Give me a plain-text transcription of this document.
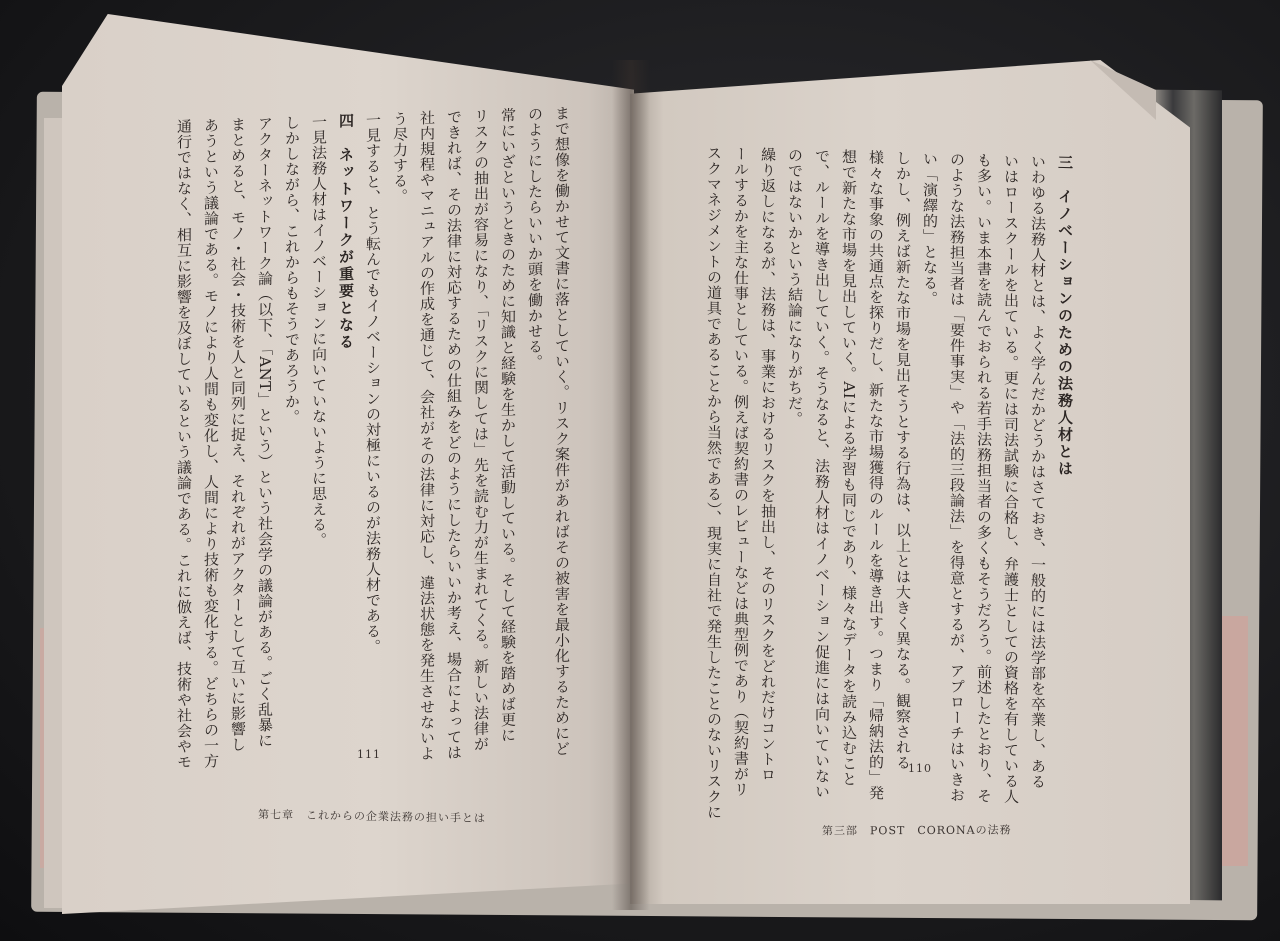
まで想像を働かせて文書に落としていく。リスク案件があればその被害を最小化するためにど
のようにしたらいいか頭を働かせる。
常にいざというときのために知識と経験を生かして活動している。そして経験を踏めば更に
リスクの抽出が容易になり、「リスクに関しては」先を読む力が生まれてくる。新しい法律が
できれば、その法律に対応するための仕組みをどのようにしたらいいか考え、場合によっては
社内規程やマニュアルの作成を通じて、会社がその法律に対応し、違法状態を発生させないよ
う尽力する。
一見すると、とう転んでもイノベーションの対極にいるのが法務人材である。
四　ネットワークが重要となる
一見法務人材はイノベーションに向いていないように思える。
しかしながら、これからもそうであろうか。
アクターネットワーク論（以下、「ANT」という）という社会学の議論がある。ごく乱暴に
まとめると、モノ・社会・技術を人と同列に捉え、それぞれがアクターとして互いに影響し
あうという議論である。モノにより人間も変化し、人間により技術も変化する。どちらの一方
通行ではなく、相互に影響を及ぼしているという議論である。これに倣えば、技術や社会やモ	三　イノベーションのための法務人材とは
いわゆる法務人材とは、よく学んだかどうかはさておき、一般的には法学部を卒業し、ある
いはロースクールを出ている。更には司法試験に合格し、弁護士としての資格を有している人
も多い。いま本書を読んでおられる若手法務担当者の多くもそうだろう。前述したとおり、そ
のような法務担当者は「要件事実」や「法的三段論法」を得意とするが、アプローチはいきお
い「演繹的」となる。
しかし、例えば新たな市場を見出そうとする行為は、以上とは大きく異なる。観察される
様々な事象の共通点を探りだし、新たな市場獲得のルールを導き出す。つまり「帰納法的」発
想で新たな市場を見出していく。AIによる学習も同じであり、様々なデータを読み込むこと
で、ルールを導き出していく。そうなると、法務人材はイノベーション促進には向いていない
のではないかという結論になりがちだ。
繰り返しになるが、法務は、事業におけるリスクを抽出し、そのリスクをどれだけコントロ
ールするかを主な仕事としている。例えば契約書のレビューなどは典型例であり（契約書がリ
スクマネジメントの道具であることから当然である）、現実に自社で発生したことのないリスクに
111
第七章　これからの企業法務の担い手とは
110
第三部　POST　CORONAの法務
